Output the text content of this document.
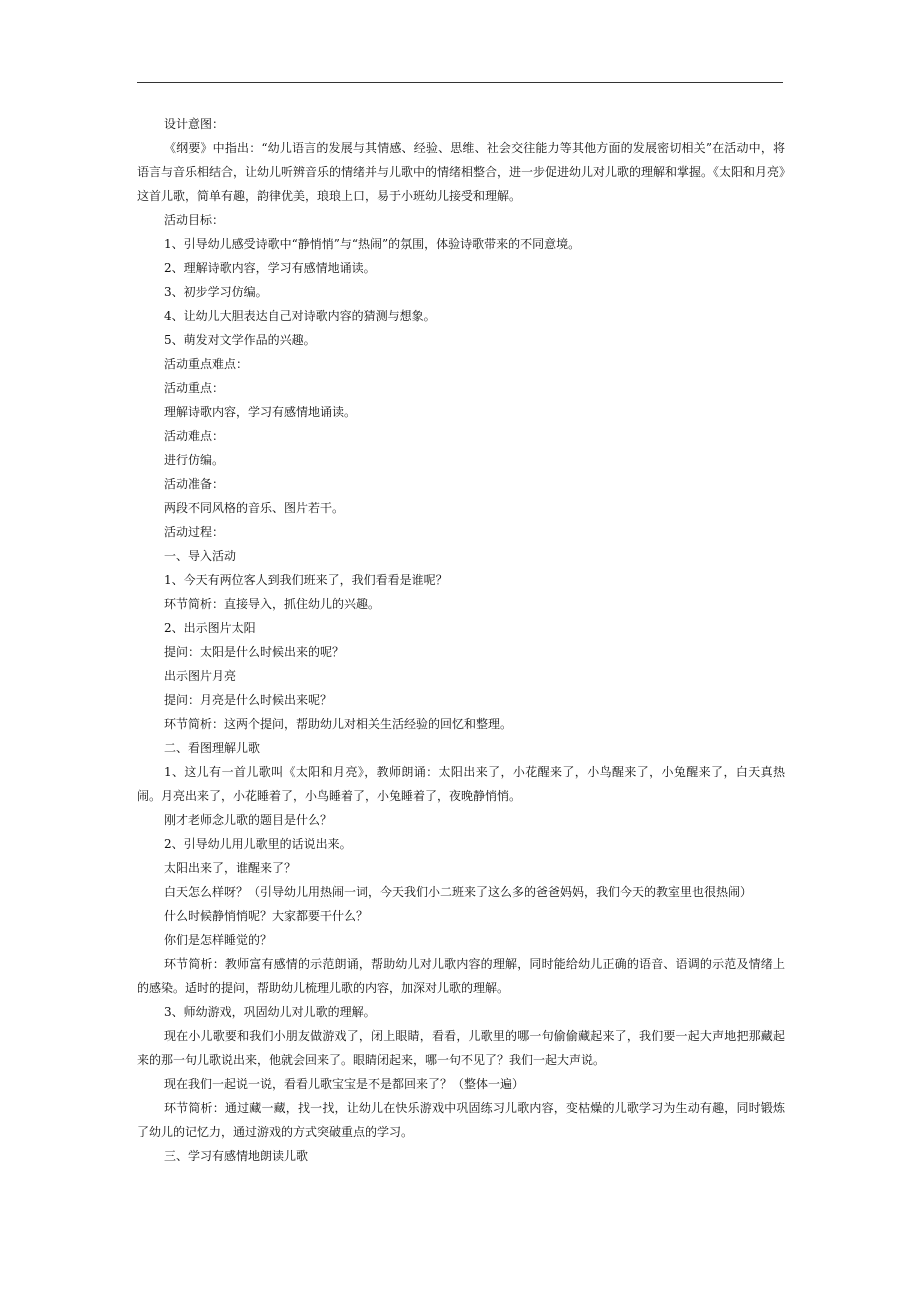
设计意图：

《纲要》中指出：“幼儿语言的发展与其情感、经验、思维、社会交往能力等其他方面的发展密切相关”在活动中，将语言与音乐相结合，让幼儿听辨音乐的情绪并与儿歌中的情绪相整合，进一步促进幼儿对儿歌的理解和掌握。《太阳和月亮》这首儿歌，简单有趣，韵律优美，琅琅上口，易于小班幼儿接受和理解。

活动目标：

1、引导幼儿感受诗歌中“静悄悄”与“热闹”的氛围，体验诗歌带来的不同意境。

2、理解诗歌内容，学习有感情地诵读。

3、初步学习仿编。

4、让幼儿大胆表达自己对诗歌内容的猜测与想象。

5、萌发对文学作品的兴趣。

活动重点难点：

活动重点：

理解诗歌内容，学习有感情地诵读。

活动难点：

进行仿编。

活动准备：

两段不同风格的音乐、图片若干。

活动过程：

一、导入活动

1、今天有两位客人到我们班来了，我们看看是谁呢？

环节简析：直接导入，抓住幼儿的兴趣。

2、出示图片太阳

提问：太阳是什么时候出来的呢？

出示图片月亮

提问：月亮是什么时候出来呢？

环节简析：这两个提问，帮助幼儿对相关生活经验的回忆和整理。

二、看图理解儿歌

1、这儿有一首儿歌叫《太阳和月亮》，教师朗诵：太阳出来了，小花醒来了，小鸟醒来了，小兔醒来了，白天真热闹。月亮出来了，小花睡着了，小鸟睡着了，小兔睡着了，夜晚静悄悄。

刚才老师念儿歌的题目是什么？

2、引导幼儿用儿歌里的话说出来。

太阳出来了，谁醒来了？

白天怎么样呀？（引导幼儿用热闹一词，今天我们小二班来了这么多的爸爸妈妈，我们今天的教室里也很热闹）

什么时候静悄悄呢？大家都要干什么？

你们是怎样睡觉的？

环节简析：教师富有感情的示范朗诵，帮助幼儿对儿歌内容的理解，同时能给幼儿正确的语音、语调的示范及情绪上的感染。适时的提问，帮助幼儿梳理儿歌的内容，加深对儿歌的理解。

3、师幼游戏，巩固幼儿对儿歌的理解。

现在小儿歌要和我们小朋友做游戏了，闭上眼睛，看看，儿歌里的哪一句偷偷藏起来了，我们要一起大声地把那藏起来的那一句儿歌说出来，他就会回来了。眼睛闭起来，哪一句不见了？我们一起大声说。

现在我们一起说一说，看看儿歌宝宝是不是都回来了？（整体一遍）

环节简析：通过藏一藏，找一找，让幼儿在快乐游戏中巩固练习儿歌内容，变枯燥的儿歌学习为生动有趣，同时锻炼了幼儿的记忆力，通过游戏的方式突破重点的学习。

三、学习有感情地朗读儿歌
